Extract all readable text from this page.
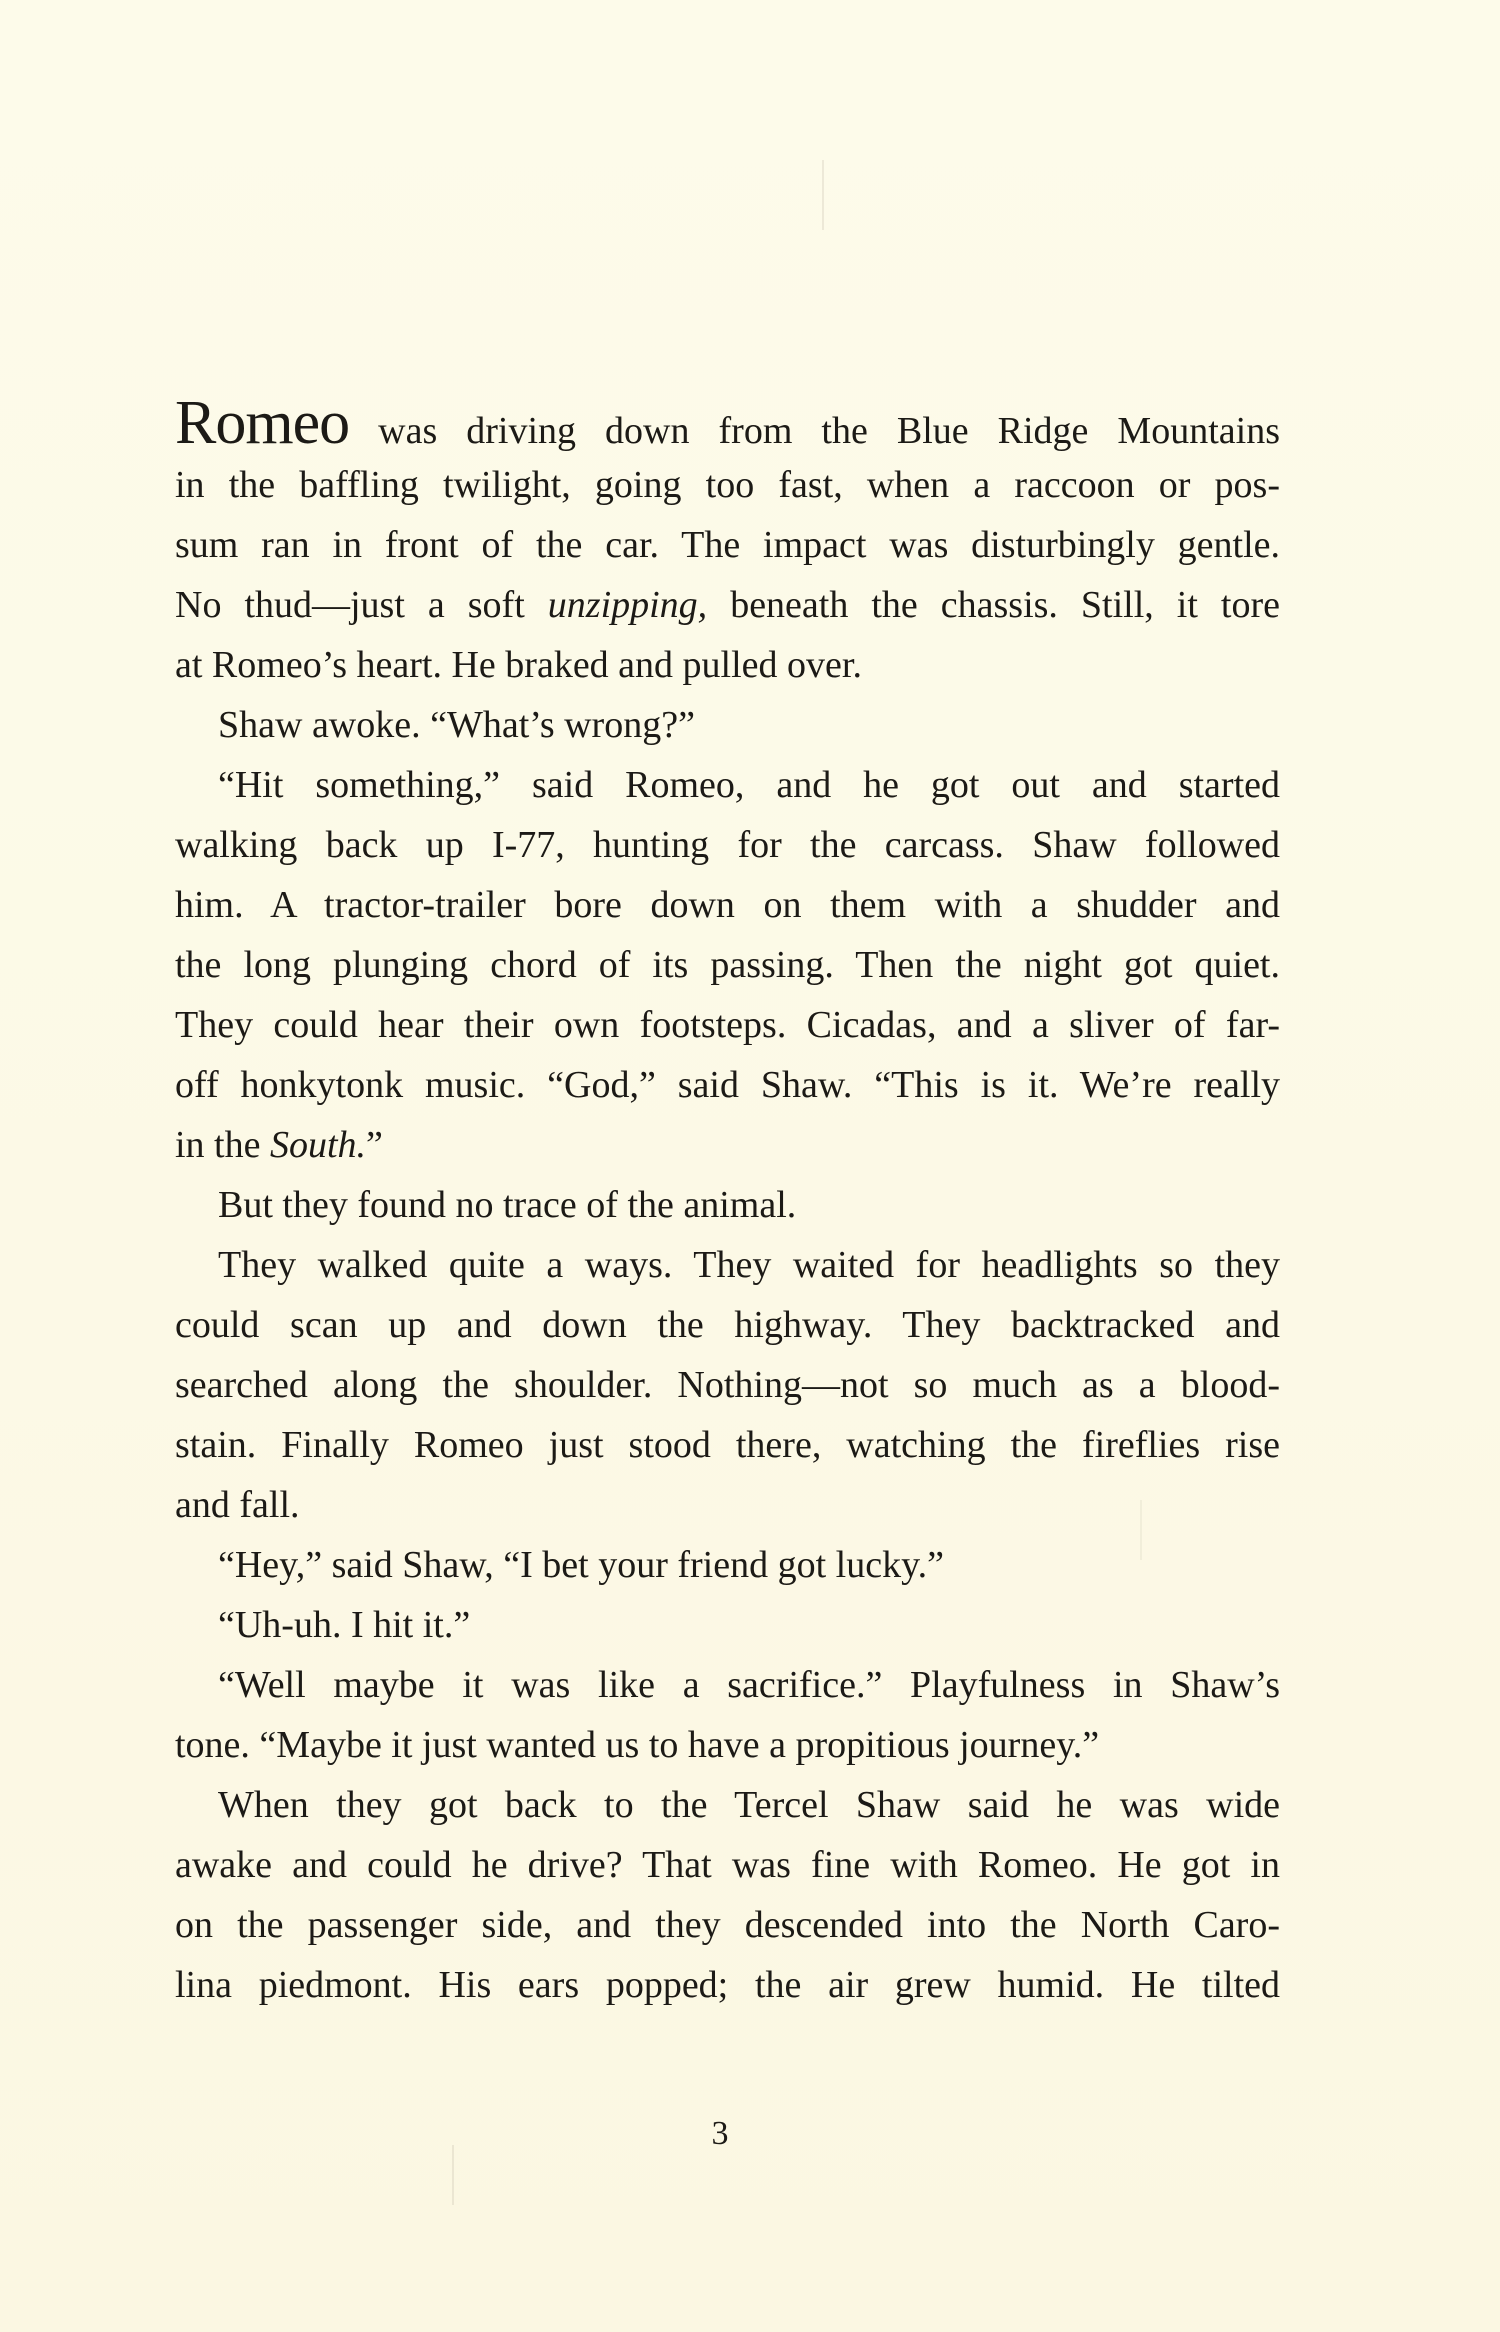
Romeo was driving down from the Blue Ridge Mountains
in the baffling twilight, going too fast, when a raccoon or pos-
sum ran in front of the car. The impact was disturbingly gentle.
No thud—just a soft unzipping, beneath the chassis. Still, it tore
at Romeo’s heart. He braked and pulled over.
Shaw awoke. “What’s wrong?”
“Hit something,” said Romeo, and he got out and started
walking back up I-77, hunting for the carcass. Shaw followed
him. A tractor-trailer bore down on them with a shudder and
the long plunging chord of its passing. Then the night got quiet.
They could hear their own footsteps. Cicadas, and a sliver of far-
off honkytonk music. “God,” said Shaw. “This is it. We’re really
in the South.”
But they found no trace of the animal.
They walked quite a ways. They waited for headlights so they
could scan up and down the highway. They backtracked and
searched along the shoulder. Nothing—not so much as a blood-
stain. Finally Romeo just stood there, watching the fireflies rise
and fall.
“Hey,” said Shaw, “I bet your friend got lucky.”
“Uh-uh. I hit it.”
“Well maybe it was like a sacrifice.” Playfulness in Shaw’s
tone. “Maybe it just wanted us to have a propitious journey.”
When they got back to the Tercel Shaw said he was wide
awake and could he drive? That was fine with Romeo. He got in
on the passenger side, and they descended into the North Caro-
lina piedmont. His ears popped; the air grew humid. He tilted
3
